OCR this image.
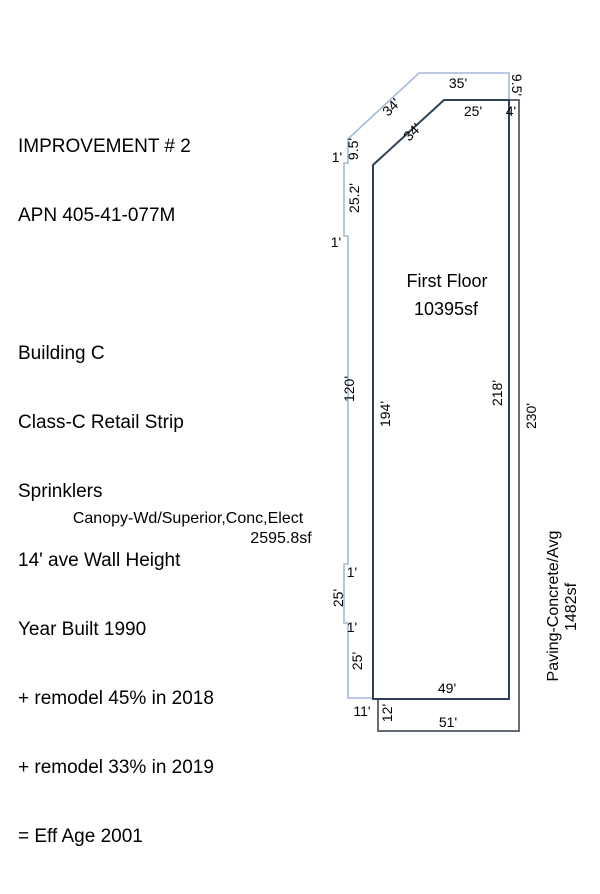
IMPROVEMENT # 2

APN 405-41-077M

Building C

Class-C Retail Strip

Sprinklers

14' ave Wall Height

Year Built 1990

+ remodel 45% in 2018

+ remodel 33% in 2019

= Eff Age 2001

First Floor
10395sf
Canopy-Wd/Superior,Conc,Elect
2595.8sf	Paving-Concrete/Avg 1482sf
35'
34'	25' 4'
9.5'
34'
1' 9.5'
25.2'
1'
120'
194'
218'
230'
1'
25'
1'
25'
11'
49'
12'	51'
